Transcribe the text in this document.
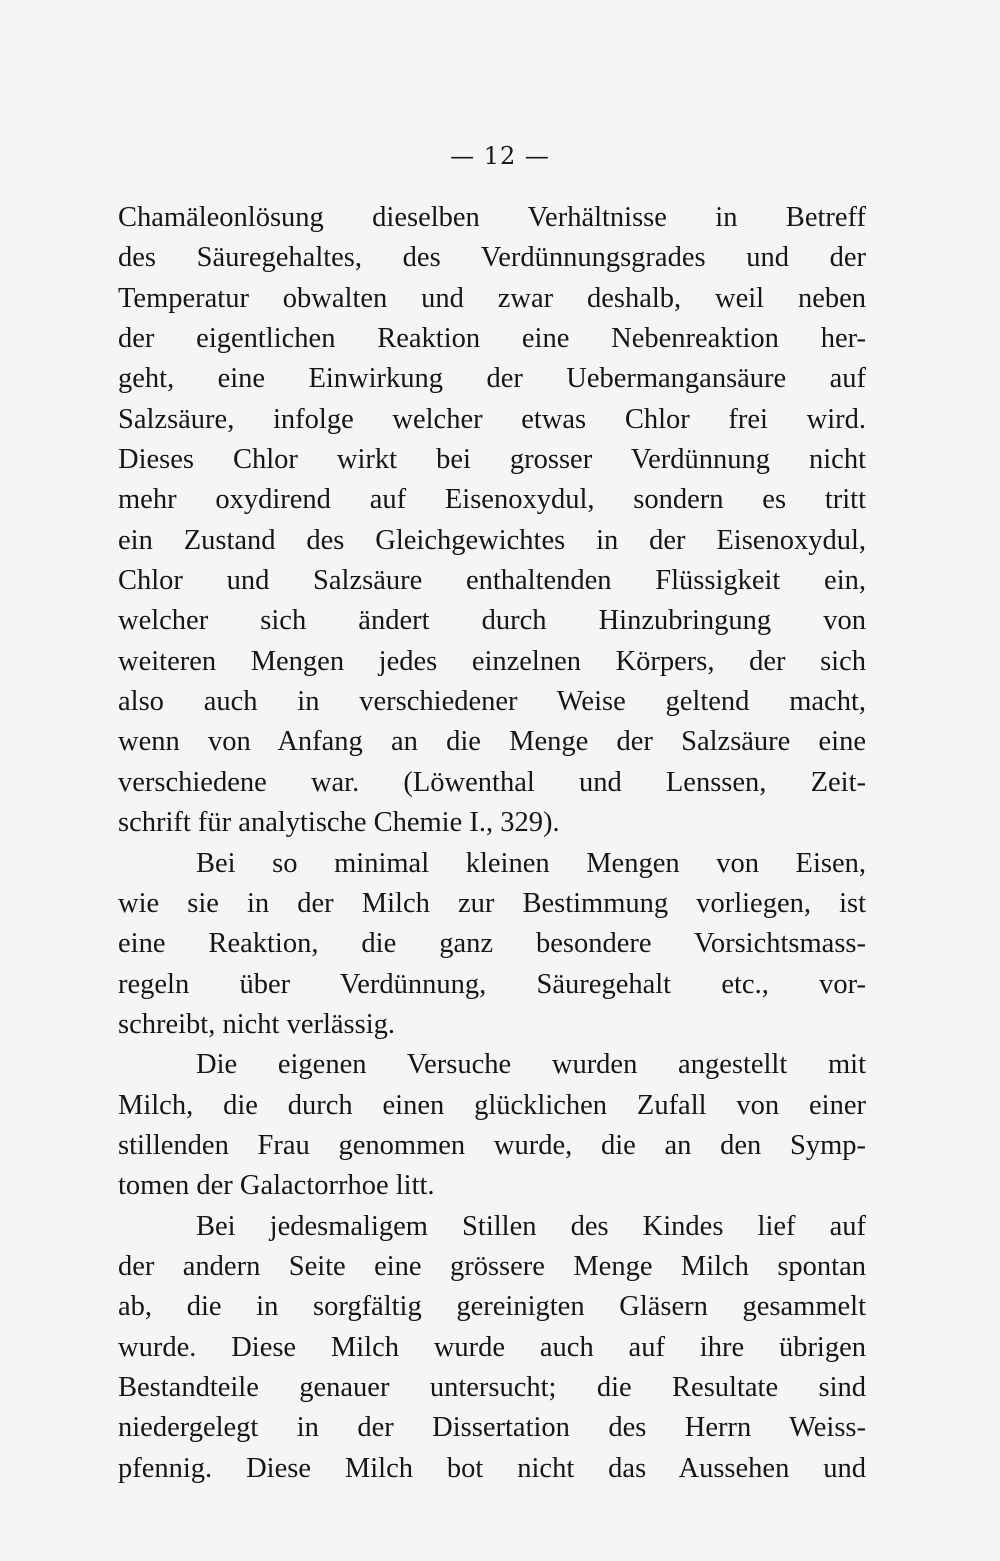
— 12 —
Chamäleonlösung dieselben Verhältnisse in Betreff
des Säuregehaltes, des Verdünnungsgrades und der
Temperatur obwalten und zwar deshalb, weil neben
der eigentlichen Reaktion eine Nebenreaktion her-
geht, eine Einwirkung der Uebermangansäure auf
Salzsäure, infolge welcher etwas Chlor frei wird.
Dieses Chlor wirkt bei grosser Verdünnung nicht
mehr oxydirend auf Eisenoxydul, sondern es tritt
ein Zustand des Gleichgewichtes in der Eisenoxydul,
Chlor und Salzsäure enthaltenden Flüssigkeit ein,
welcher sich ändert durch Hinzubringung von
weiteren Mengen jedes einzelnen Körpers, der sich
also auch in verschiedener Weise geltend macht,
wenn von Anfang an die Menge der Salzsäure eine
verschiedene war. (Löwenthal und Lenssen, Zeit-
schrift für analytische Chemie I., 329).
Bei so minimal kleinen Mengen von Eisen,
wie sie in der Milch zur Bestimmung vorliegen, ist
eine Reaktion, die ganz besondere Vorsichtsmass-
regeln über Verdünnung, Säuregehalt etc., vor-
schreibt, nicht verlässig.
Die eigenen Versuche wurden angestellt mit
Milch, die durch einen glücklichen Zufall von einer
stillenden Frau genommen wurde, die an den Symp-
tomen der Galactorrhoe litt.
Bei jedesmaligem Stillen des Kindes lief auf
der andern Seite eine grössere Menge Milch spontan
ab, die in sorgfältig gereinigten Gläsern gesammelt
wurde. Diese Milch wurde auch auf ihre übrigen
Bestandteile genauer untersucht; die Resultate sind
niedergelegt in der Dissertation des Herrn Weiss-
pfennig. Diese Milch bot nicht das Aussehen und
